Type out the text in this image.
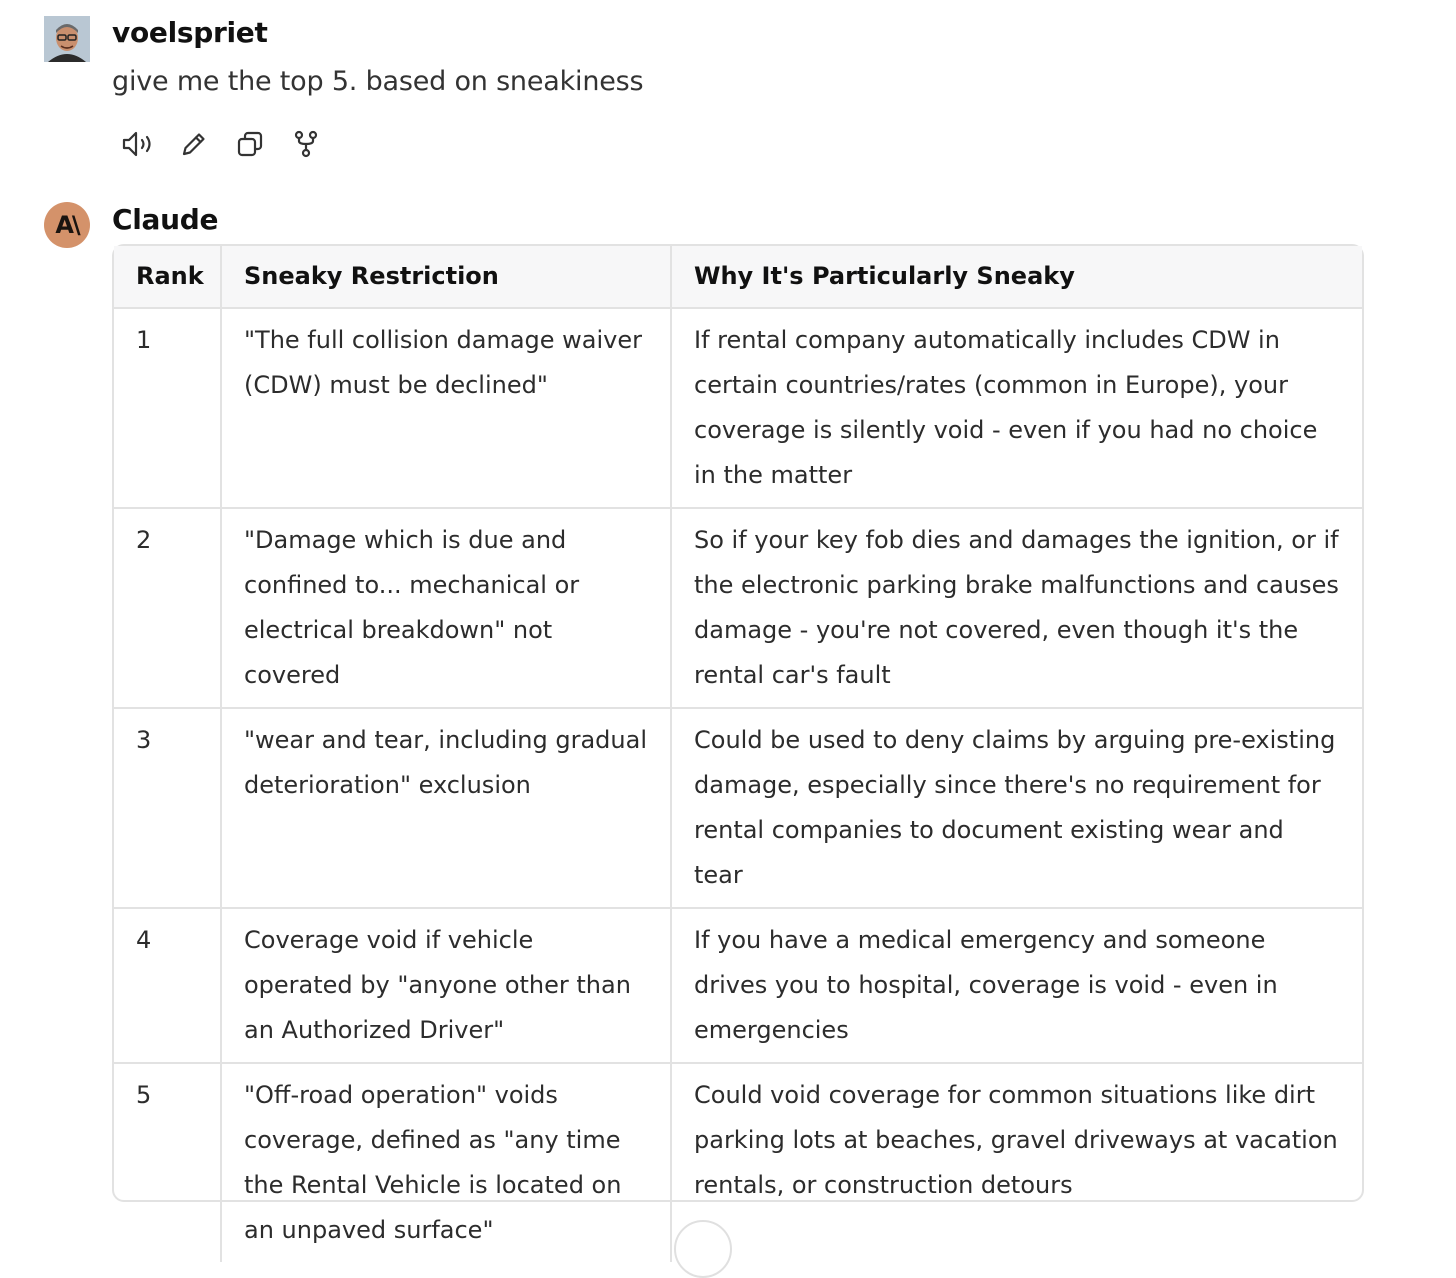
voelspriet
give me the top 5. based on sneakiness
A\ Claude
Rank	Sneaky Restriction	Why It's Particularly Sneaky
1	"The full collision damage waiver (CDW) must be declined"	If rental company automatically includes CDW in certain countries/rates (common in Europe), your coverage is silently void - even if you had no choice in the matter
2	"Damage which is due and confined to... mechanical or electrical breakdown" not covered	So if your key fob dies and damages the ignition, or if the electronic parking brake malfunctions and causes damage - you're not covered, even though it's the rental car's fault
3	"wear and tear, including gradual deterioration" exclusion	Could be used to deny claims by arguing pre-existing damage, especially since there's no requirement for rental companies to document existing wear and tear
4	Coverage void if vehicle operated by "anyone other than an Authorized Driver"	If you have a medical emergency and someone drives you to hospital, coverage is void - even in emergencies
5	"Off-road operation" voids coverage, defined as "any time the Rental Vehicle is located on an unpaved surface"	Could void coverage for common situations like dirt parking lots at beaches, gravel driveways at vacation rentals, or construction detours
